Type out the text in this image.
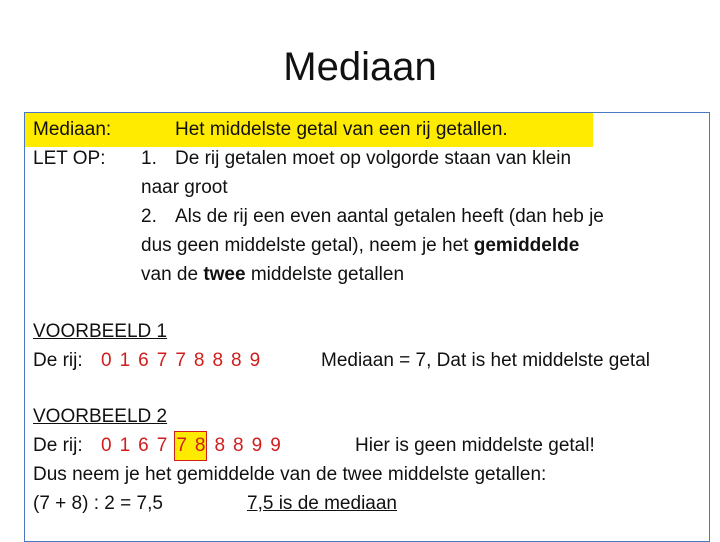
Mediaan
Mediaan:	Het middelste getal van een rij getallen.
LET OP: 1. De rij getalen moet op volgorde staan van klein
naar groot
2. Als de rij een even aantal getalen heeft (dan heb je
dus geen middelste getal), neem je het gemiddelde
van de twee middelste getallen
VOORBEELD 1
De rij: 0 1 6 7 7 8 8 8 9	Mediaan = 7, Dat is het middelste getal
VOORBEELD 2
De rij: 0 1 6 7 7 8 8 8 9 9	Hier is geen middelste getal!
Dus neem je het gemiddelde van de twee middelste getallen:
(7 + 8) : 2 = 7,5	7,5 is de mediaan
